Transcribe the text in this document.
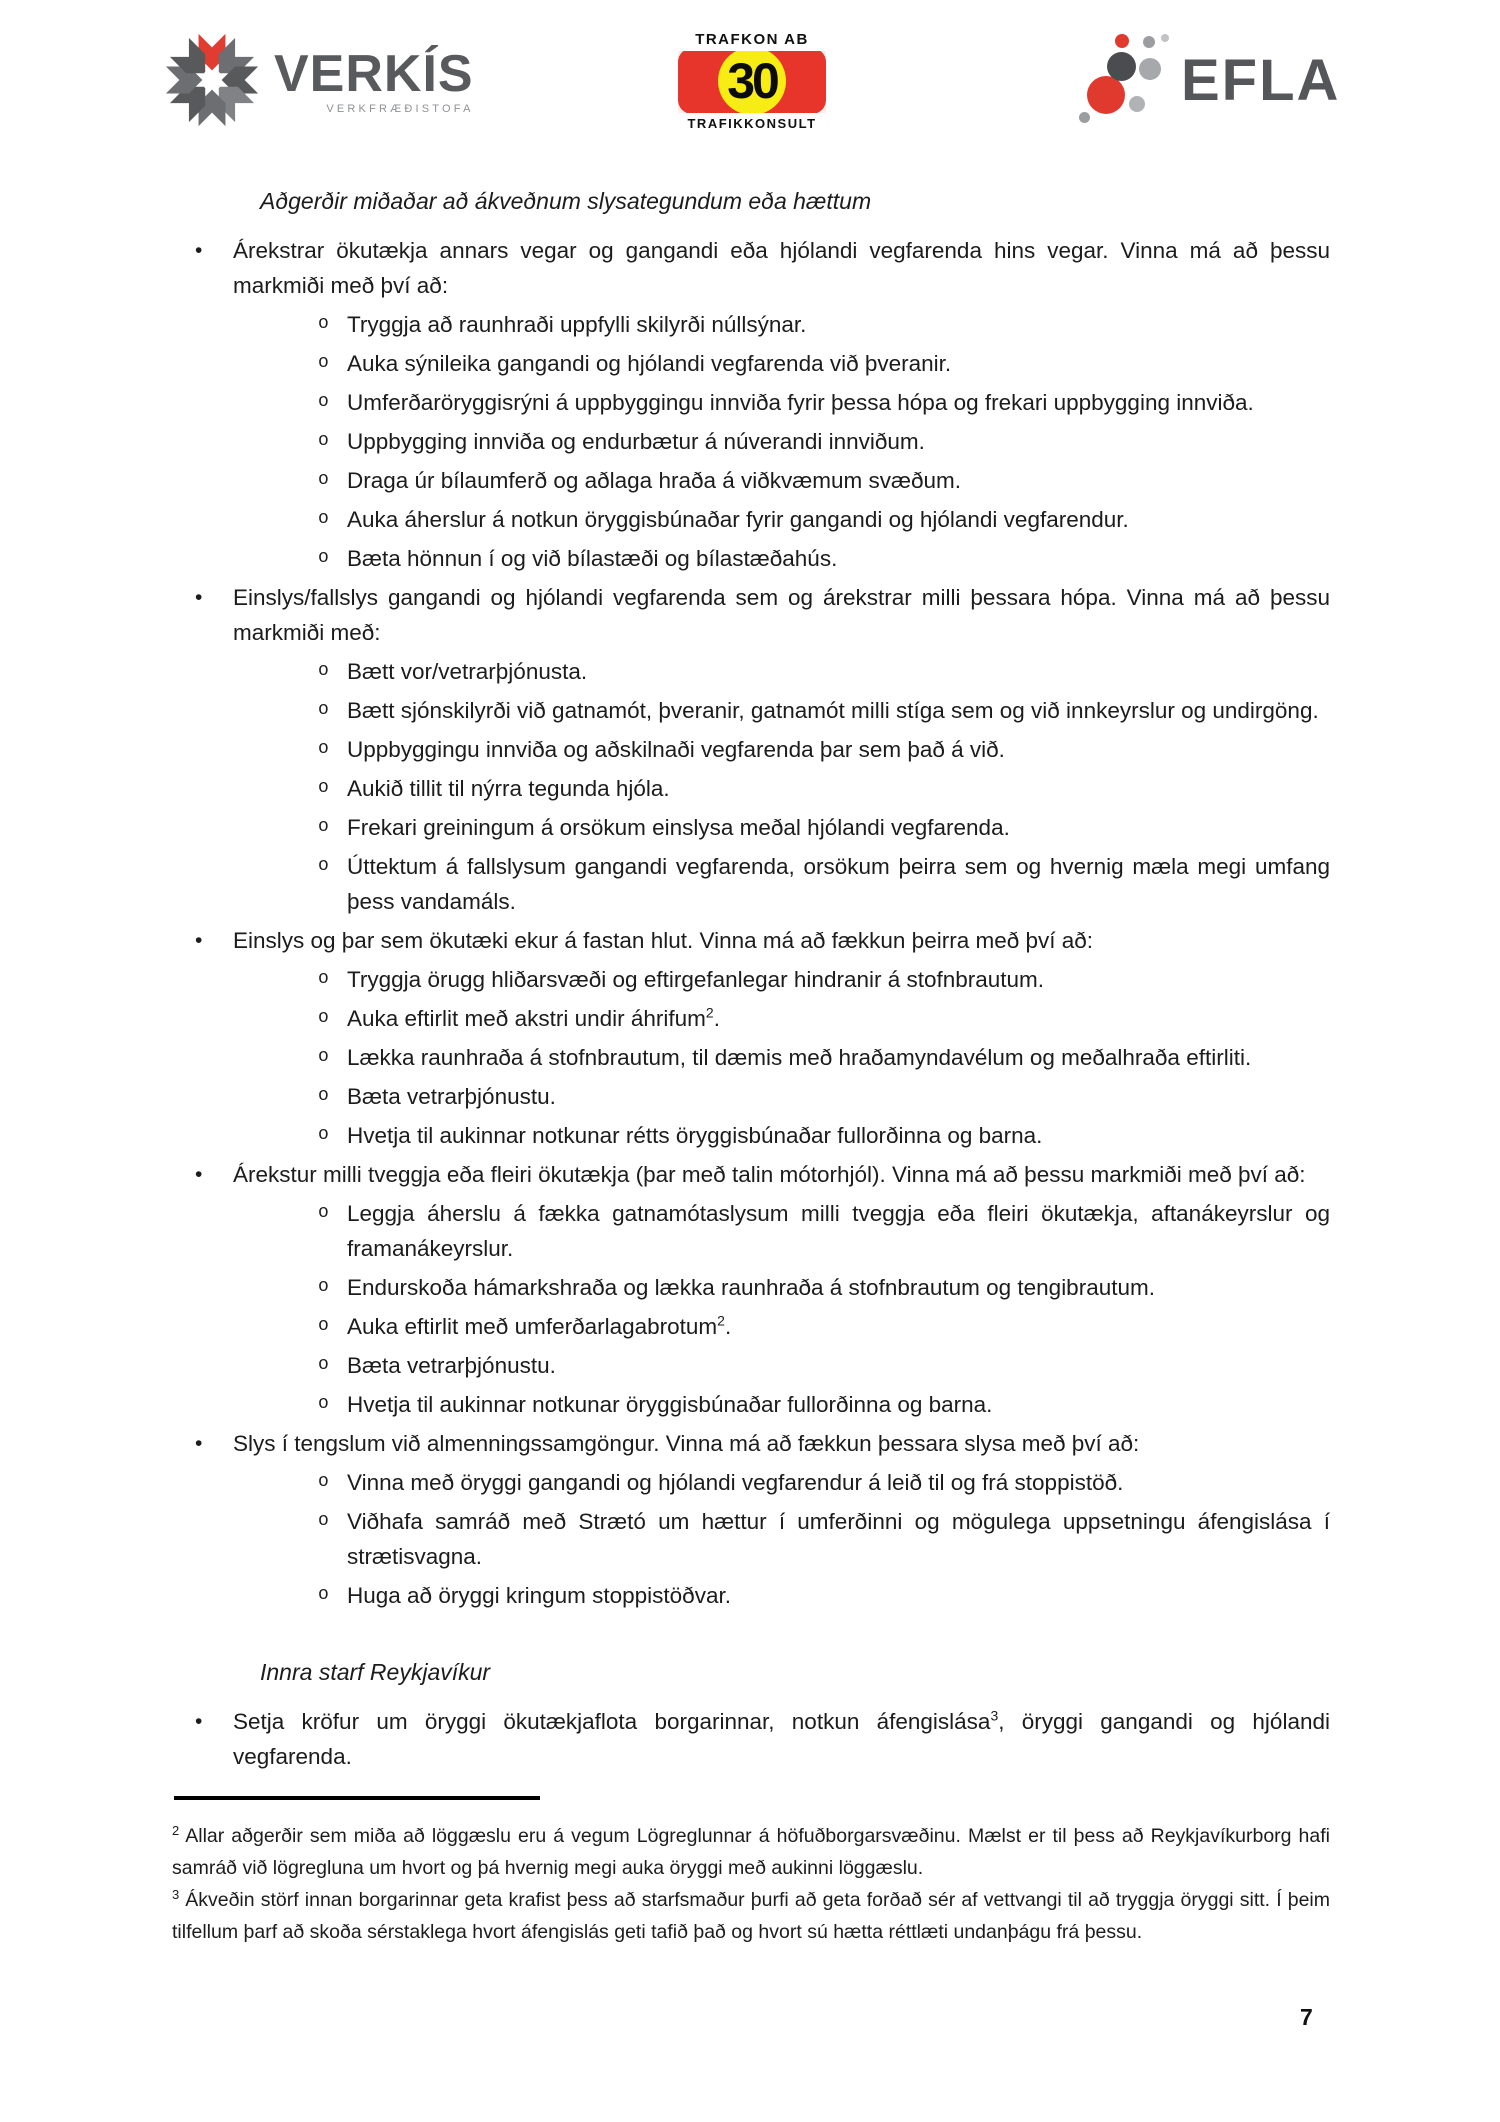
VERKÍS
VERKFRÆÐISTOFA	30
TRAFKON AB
TRAFIKKONSULT
EFLA
Aðgerðir miðaðar að ákveðnum slysategundum eða hættum
•	Árekstrar ökutækja annars vegar og gangandi eða hjólandi vegfarenda hins vegar. Vinna má að þessu markmiði með því að:

o Tryggja að raunhraði uppfylli skilyrði núllsýnar.

o Auka sýnileika gangandi og hjólandi vegfarenda við þveranir.

o Umferðaröryggisrýni á uppbyggingu innviða fyrir þessa hópa og frekari uppbygging innviða.

o Uppbygging innviða og endurbætur á núverandi innviðum.

o Draga úr bílaumferð og aðlaga hraða á viðkvæmum svæðum.

o Auka áherslur á notkun öryggisbúnaðar fyrir gangandi og hjólandi vegfarendur.

o Bæta hönnun í og við bílastæði og bílastæðahús.

•	Einslys/fallslys gangandi og hjólandi vegfarenda sem og árekstrar milli þessara hópa. Vinna má að þessu markmiði með:

o Bætt vor/vetrarþjónusta.

o Bætt sjónskilyrði við gatnamót, þveranir, gatnamót milli stíga sem og við innkeyrslur og undirgöng.

o Uppbyggingu innviða og aðskilnaði vegfarenda þar sem það á við.

o Aukið tillit til nýrra tegunda hjóla.

o Frekari greiningum á orsökum einslysa meðal hjólandi vegfarenda.

o Úttektum á fallslysum gangandi vegfarenda, orsökum þeirra sem og hvernig mæla megi umfang þess vandamáls.

•	Einslys og þar sem ökutæki ekur á fastan hlut. Vinna má að fækkun þeirra með því að:

o Tryggja örugg hliðarsvæði og eftirgefanlegar hindranir á stofnbrautum.

o Auka eftirlit með akstri undir áhrifum$^2$.

o Lækka raunhraða á stofnbrautum, til dæmis með hraðamyndavélum og meðalhraða eftirliti.

o Bæta vetrarþjónustu.

o Hvetja til aukinnar notkunar rétts öryggisbúnaðar fullorðinna og barna.

•	Árekstur milli tveggja eða fleiri ökutækja (þar með talin mótorhjól). Vinna má að þessu markmiði með því að:

o Leggja áherslu á fækka gatnamótaslysum milli tveggja eða fleiri ökutækja, aftanákeyrslur og framanákeyrslur.

o Endurskoða hámarkshraða og lækka raunhraða á stofnbrautum og tengibrautum.

o Auka eftirlit með umferðarlagabrotum$^2$.

o Bæta vetrarþjónustu.

o Hvetja til aukinnar notkunar öryggisbúnaðar fullorðinna og barna.

•	Slys í tengslum við almenningssamgöngur. Vinna má að fækkun þessara slysa með því að:

o Vinna með öryggi gangandi og hjólandi vegfarendur á leið til og frá stoppistöð.

o Viðhafa samráð með Strætó um hættur í umferðinni og mögulega uppsetningu áfengislása í strætisvagna.

o Huga að öryggi kringum stoppistöðvar.

Innra starf Reykjavíkur
•	Setja kröfur um öryggi ökutækjaflota borgarinnar, notkun áfengislása$^3$, öryggi gangandi og hjólandi vegfarenda.

$^2$ Allar aðgerðir sem miða að löggæslu eru á vegum Lögreglunnar á höfuðborgarsvæðinu. Mælst er til þess að Reykjavíkurborg hafi samráð við lögregluna um hvort og þá hvernig megi auka öryggi með aukinni löggæslu.

$^3$ Ákveðin störf innan borgarinnar geta krafist þess að starfsmaður þurfi að geta forðað sér af vettvangi til að tryggja öryggi sitt. Í þeim tilfellum þarf að skoða sérstaklega hvort áfengislás geti tafið það og hvort sú hætta réttlæti undanþágu frá þessu.

7
